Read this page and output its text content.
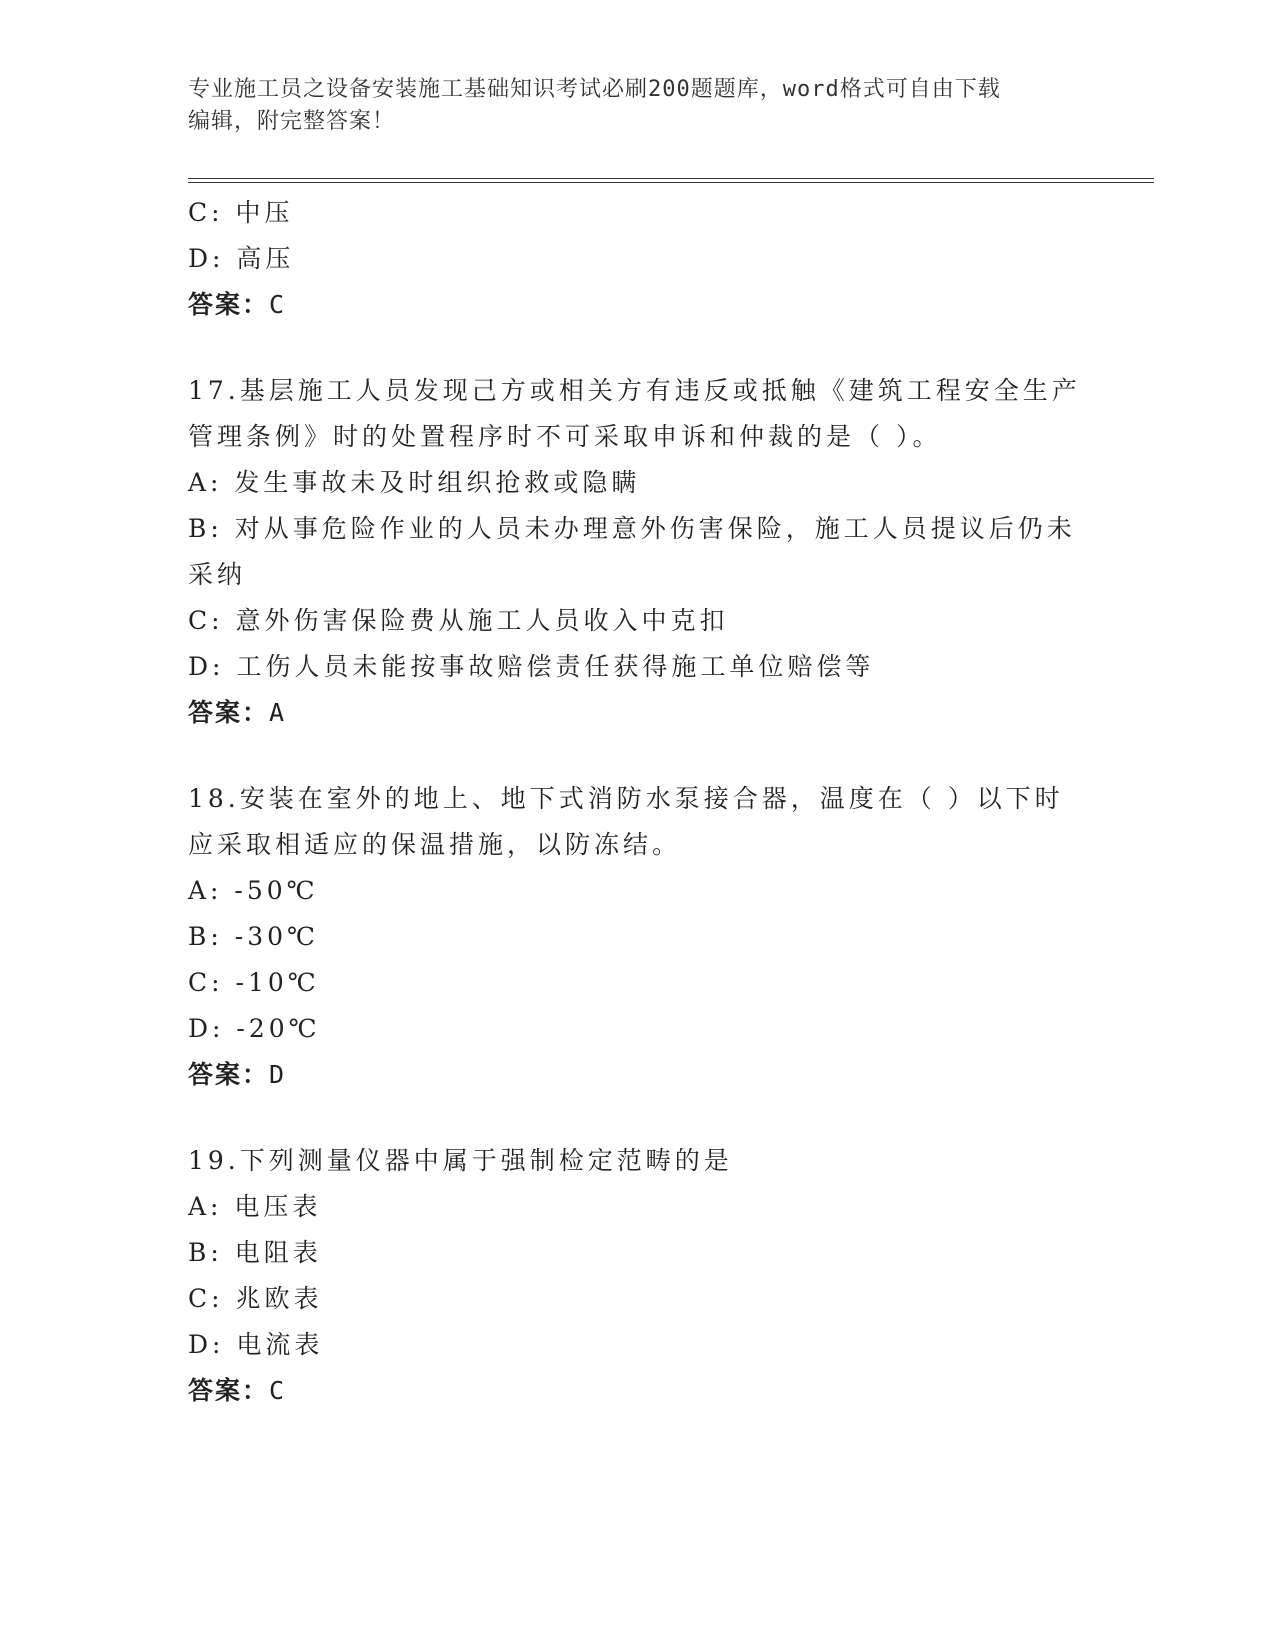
专业施工员之设备安装施工基础知识考试必刷200题题库，word格式可自由下载
编辑，附完整答案！
C: 中压
D: 高压
答案：C
17.基层施工人员发现己方或相关方有违反或抵触《建筑工程安全生产
管理条例》时的处置程序时不可采取申诉和仲裁的是（ ）。
A: 发生事故未及时组织抢救或隐瞒
B: 对从事危险作业的人员未办理意外伤害保险，施工人员提议后仍未
采纳
C: 意外伤害保险费从施工人员收入中克扣
D: 工伤人员未能按事故赔偿责任获得施工单位赔偿等
答案：A
18.安装在室外的地上、地下式消防水泵接合器，温度在（ ）以下时
应采取相适应的保温措施，以防冻结。
A: -50℃
B: -30℃
C: -10℃
D: -20℃
答案：D
19.下列测量仪器中属于强制检定范畴的是
A: 电压表
B: 电阻表
C: 兆欧表
D: 电流表
答案：C
